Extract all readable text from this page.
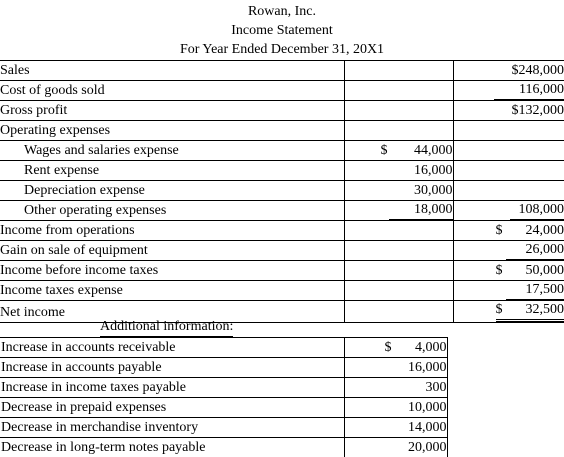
Rowan, Inc.
Income Statement
For Year Ended December 31, 20X1
Sales		$248,000

Cost of goods sold		116,000

Gross profit		$132,000

Operating expenses		
Wages and salaries expense	$ 44,000	

Rent expense	16,000	

Depreciation expense	30,000	

Other operating expenses	18,000	108,000

Income from operations		$ 24,000

Gain on sale of equipment		26,000

Income before income taxes		$ 50,000

Income taxes expense		17,500

Net income		$ 32,500
Additional information:
Increase in accounts receivable	$ 4,000

Increase in accounts payable	16,000

Increase in income taxes payable	300

Decrease in prepaid expenses	10,000

Decrease in merchandise inventory	14,000

Decrease in long-term notes payable	20,000
